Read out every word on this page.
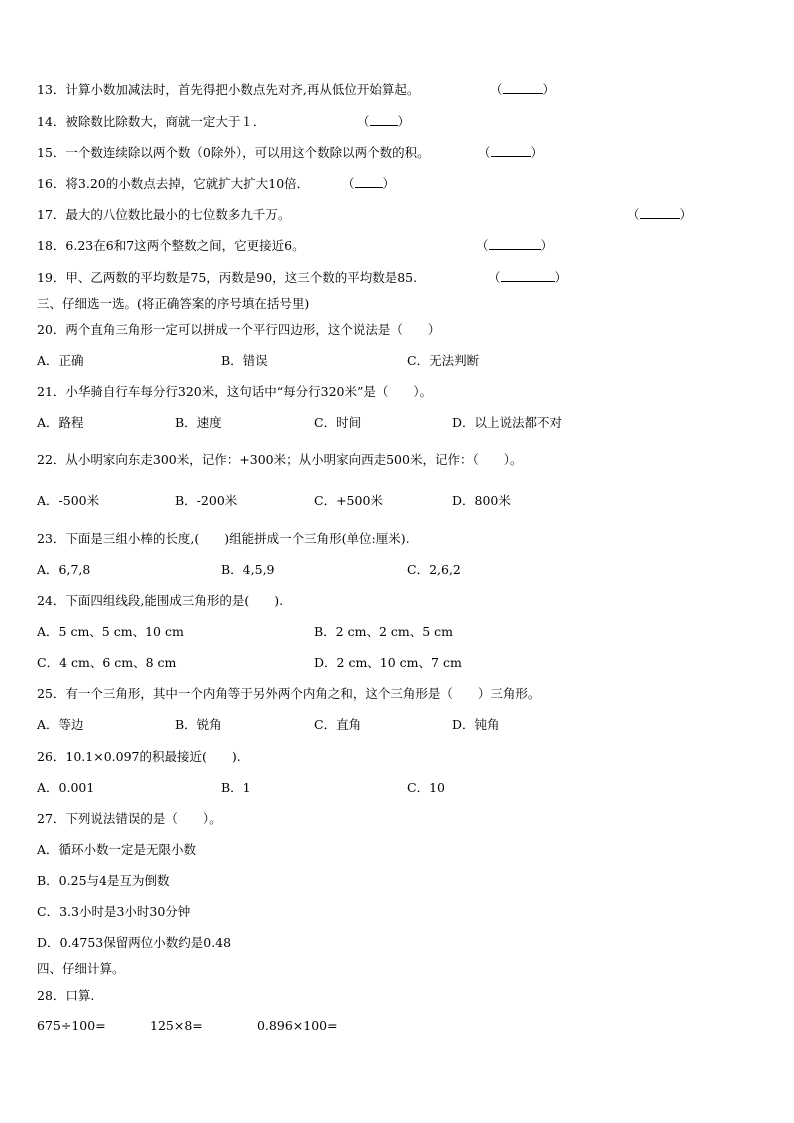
13．计算小数加减法时，首先得把小数点先对齐,再从低位开始算起。	（	）
14．被除数比除数大，商就一定大于１．	（ ）
15．一个数连续除以两个数（0除外），可以用这个数除以两个数的积。	（	）
16．将3.20的小数点去掉，它就扩大扩大10倍．	（ ）
17．最大的八位数比最小的七位数多九千万。	（	）
18．6.23在6和7这两个整数之间，它更接近6。	（	）
19．甲、乙两数的平均数是75，丙数是90，这三个数的平均数是85.	（	）
三、仔细选一选。(将正确答案的序号填在括号里)
20．两个直角三角形一定可以拼成一个平行四边形，这个说法是（　　）
A．正确	B．错误	C．无法判断
21．小华骑自行车每分行320米，这句话中“每分行320米”是（　　）。
A．路程	B．速度	C．时间	D．以上说法都不对
22．从小明家向东走300米，记作：+300米；从小明家向西走500米，记作：（　　）。
A．-500米	B．-200米	C．+500米	D．800米
23．下面是三组小棒的长度,(　　)组能拼成一个三角形(单位:厘米).
A．6,7,8	B．4,5,9	C．2,6,2
24．下面四组线段,能围成三角形的是(　　).
A．5 cm、5 cm、10 cm	B．2 cm、2 cm、5 cm
C．4 cm、6 cm、8 cm	D．2 cm、10 cm、7 cm
25．有一个三角形，其中一个内角等于另外两个内角之和，这个三角形是（　　）三角形。
A．等边	B．锐角	C．直角	D．钝角
26．10.1×0.097的积最接近(　　).
A．0.001	B．1	C．10
27．下列说法错误的是（　　）。
A．循环小数一定是无限小数
B．0.25与4是互为倒数
C．3.3小时是3小时30分钟
D．0.4753保留两位小数约是0.48
四、仔细计算。
28．口算.
675÷100=	125×8=	0.896×100=
